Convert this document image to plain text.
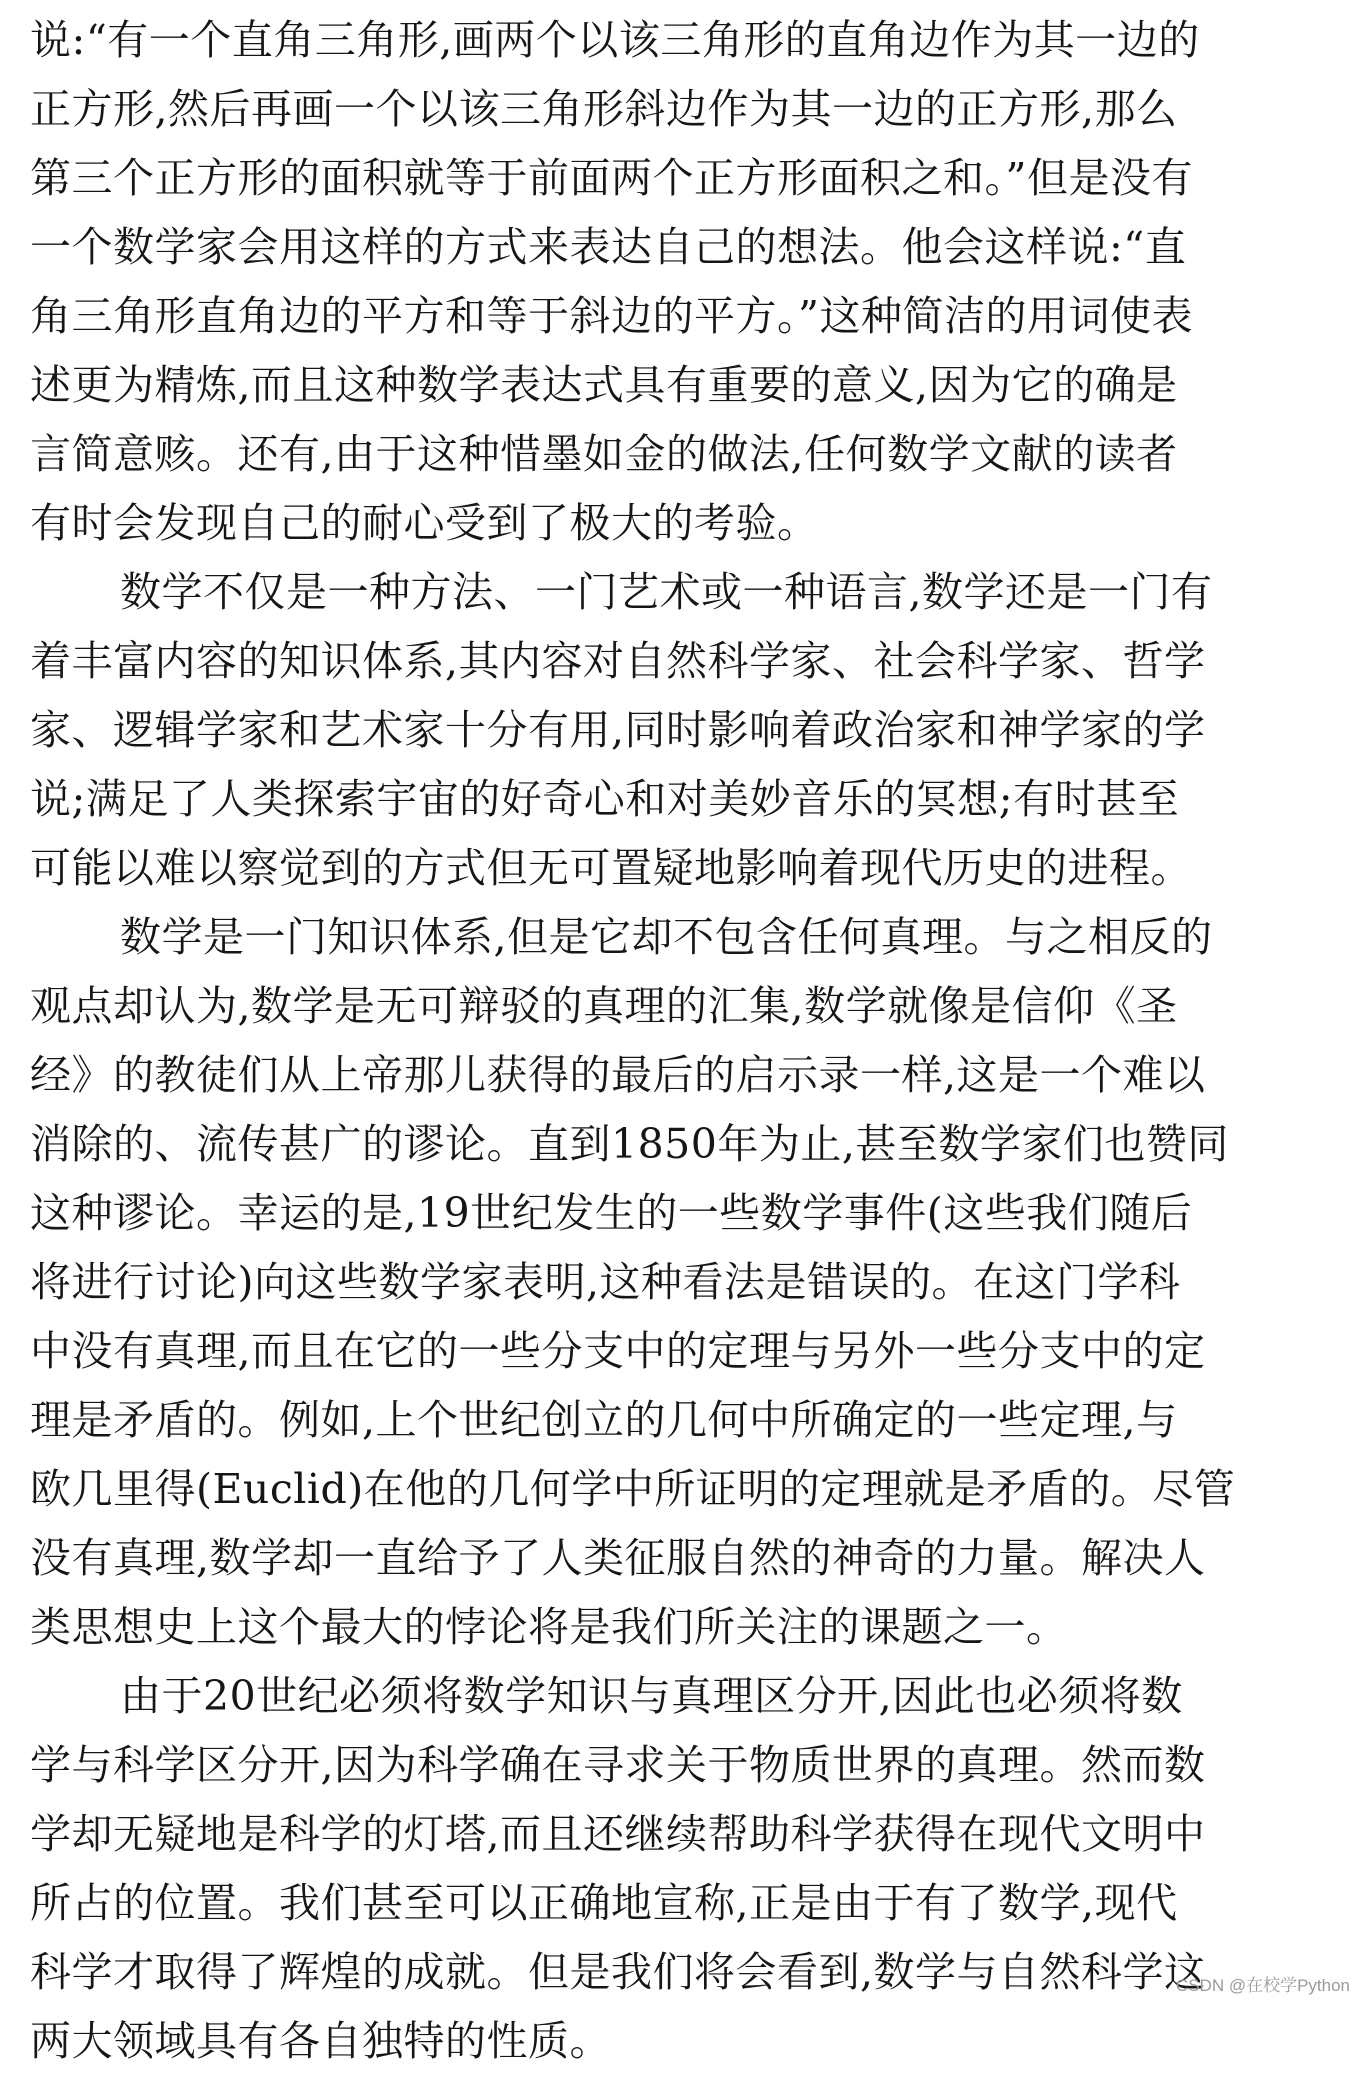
说:“有一个直角三角形,画两个以该三角形的直角边作为其一边的
正方形,然后再画一个以该三角形斜边作为其一边的正方形,那么
第三个正方形的面积就等于前面两个正方形面积之和。”但是没有
一个数学家会用这样的方式来表达自己的想法。他会这样说:“直
角三角形直角边的平方和等于斜边的平方。”这种简洁的用词使表
述更为精炼,而且这种数学表达式具有重要的意义,因为它的确是
言简意赅。还有,由于这种惜墨如金的做法,任何数学文献的读者
有时会发现自己的耐心受到了极大的考验。
数学不仅是一种方法、一门艺术或一种语言,数学还是一门有
着丰富内容的知识体系,其内容对自然科学家、社会科学家、哲学
家、逻辑学家和艺术家十分有用,同时影响着政治家和神学家的学
说;满足了人类探索宇宙的好奇心和对美妙音乐的冥想;有时甚至
可能以难以察觉到的方式但无可置疑地影响着现代历史的进程。
数学是一门知识体系,但是它却不包含任何真理。与之相反的
观点却认为,数学是无可辩驳的真理的汇集,数学就像是信仰《圣
经》的教徒们从上帝那儿获得的最后的启示录一样,这是一个难以
消除的、流传甚广的谬论。直到1850年为止,甚至数学家们也赞同
这种谬论。幸运的是,19世纪发生的一些数学事件(这些我们随后
将进行讨论)向这些数学家表明,这种看法是错误的。在这门学科
中没有真理,而且在它的一些分支中的定理与另外一些分支中的定
理是矛盾的。例如,上个世纪创立的几何中所确定的一些定理,与
欧几里得(Euclid)在他的几何学中所证明的定理就是矛盾的。尽管
没有真理,数学却一直给予了人类征服自然的神奇的力量。解决人
类思想史上这个最大的悖论将是我们所关注的课题之一。
由于20世纪必须将数学知识与真理区分开,因此也必须将数
学与科学区分开,因为科学确在寻求关于物质世界的真理。然而数
学却无疑地是科学的灯塔,而且还继续帮助科学获得在现代文明中
所占的位置。我们甚至可以正确地宣称,正是由于有了数学,现代
科学才取得了辉煌的成就。但是我们将会看到,数学与自然科学这
两大领域具有各自独特的性质。
CSDN @在校学Python
